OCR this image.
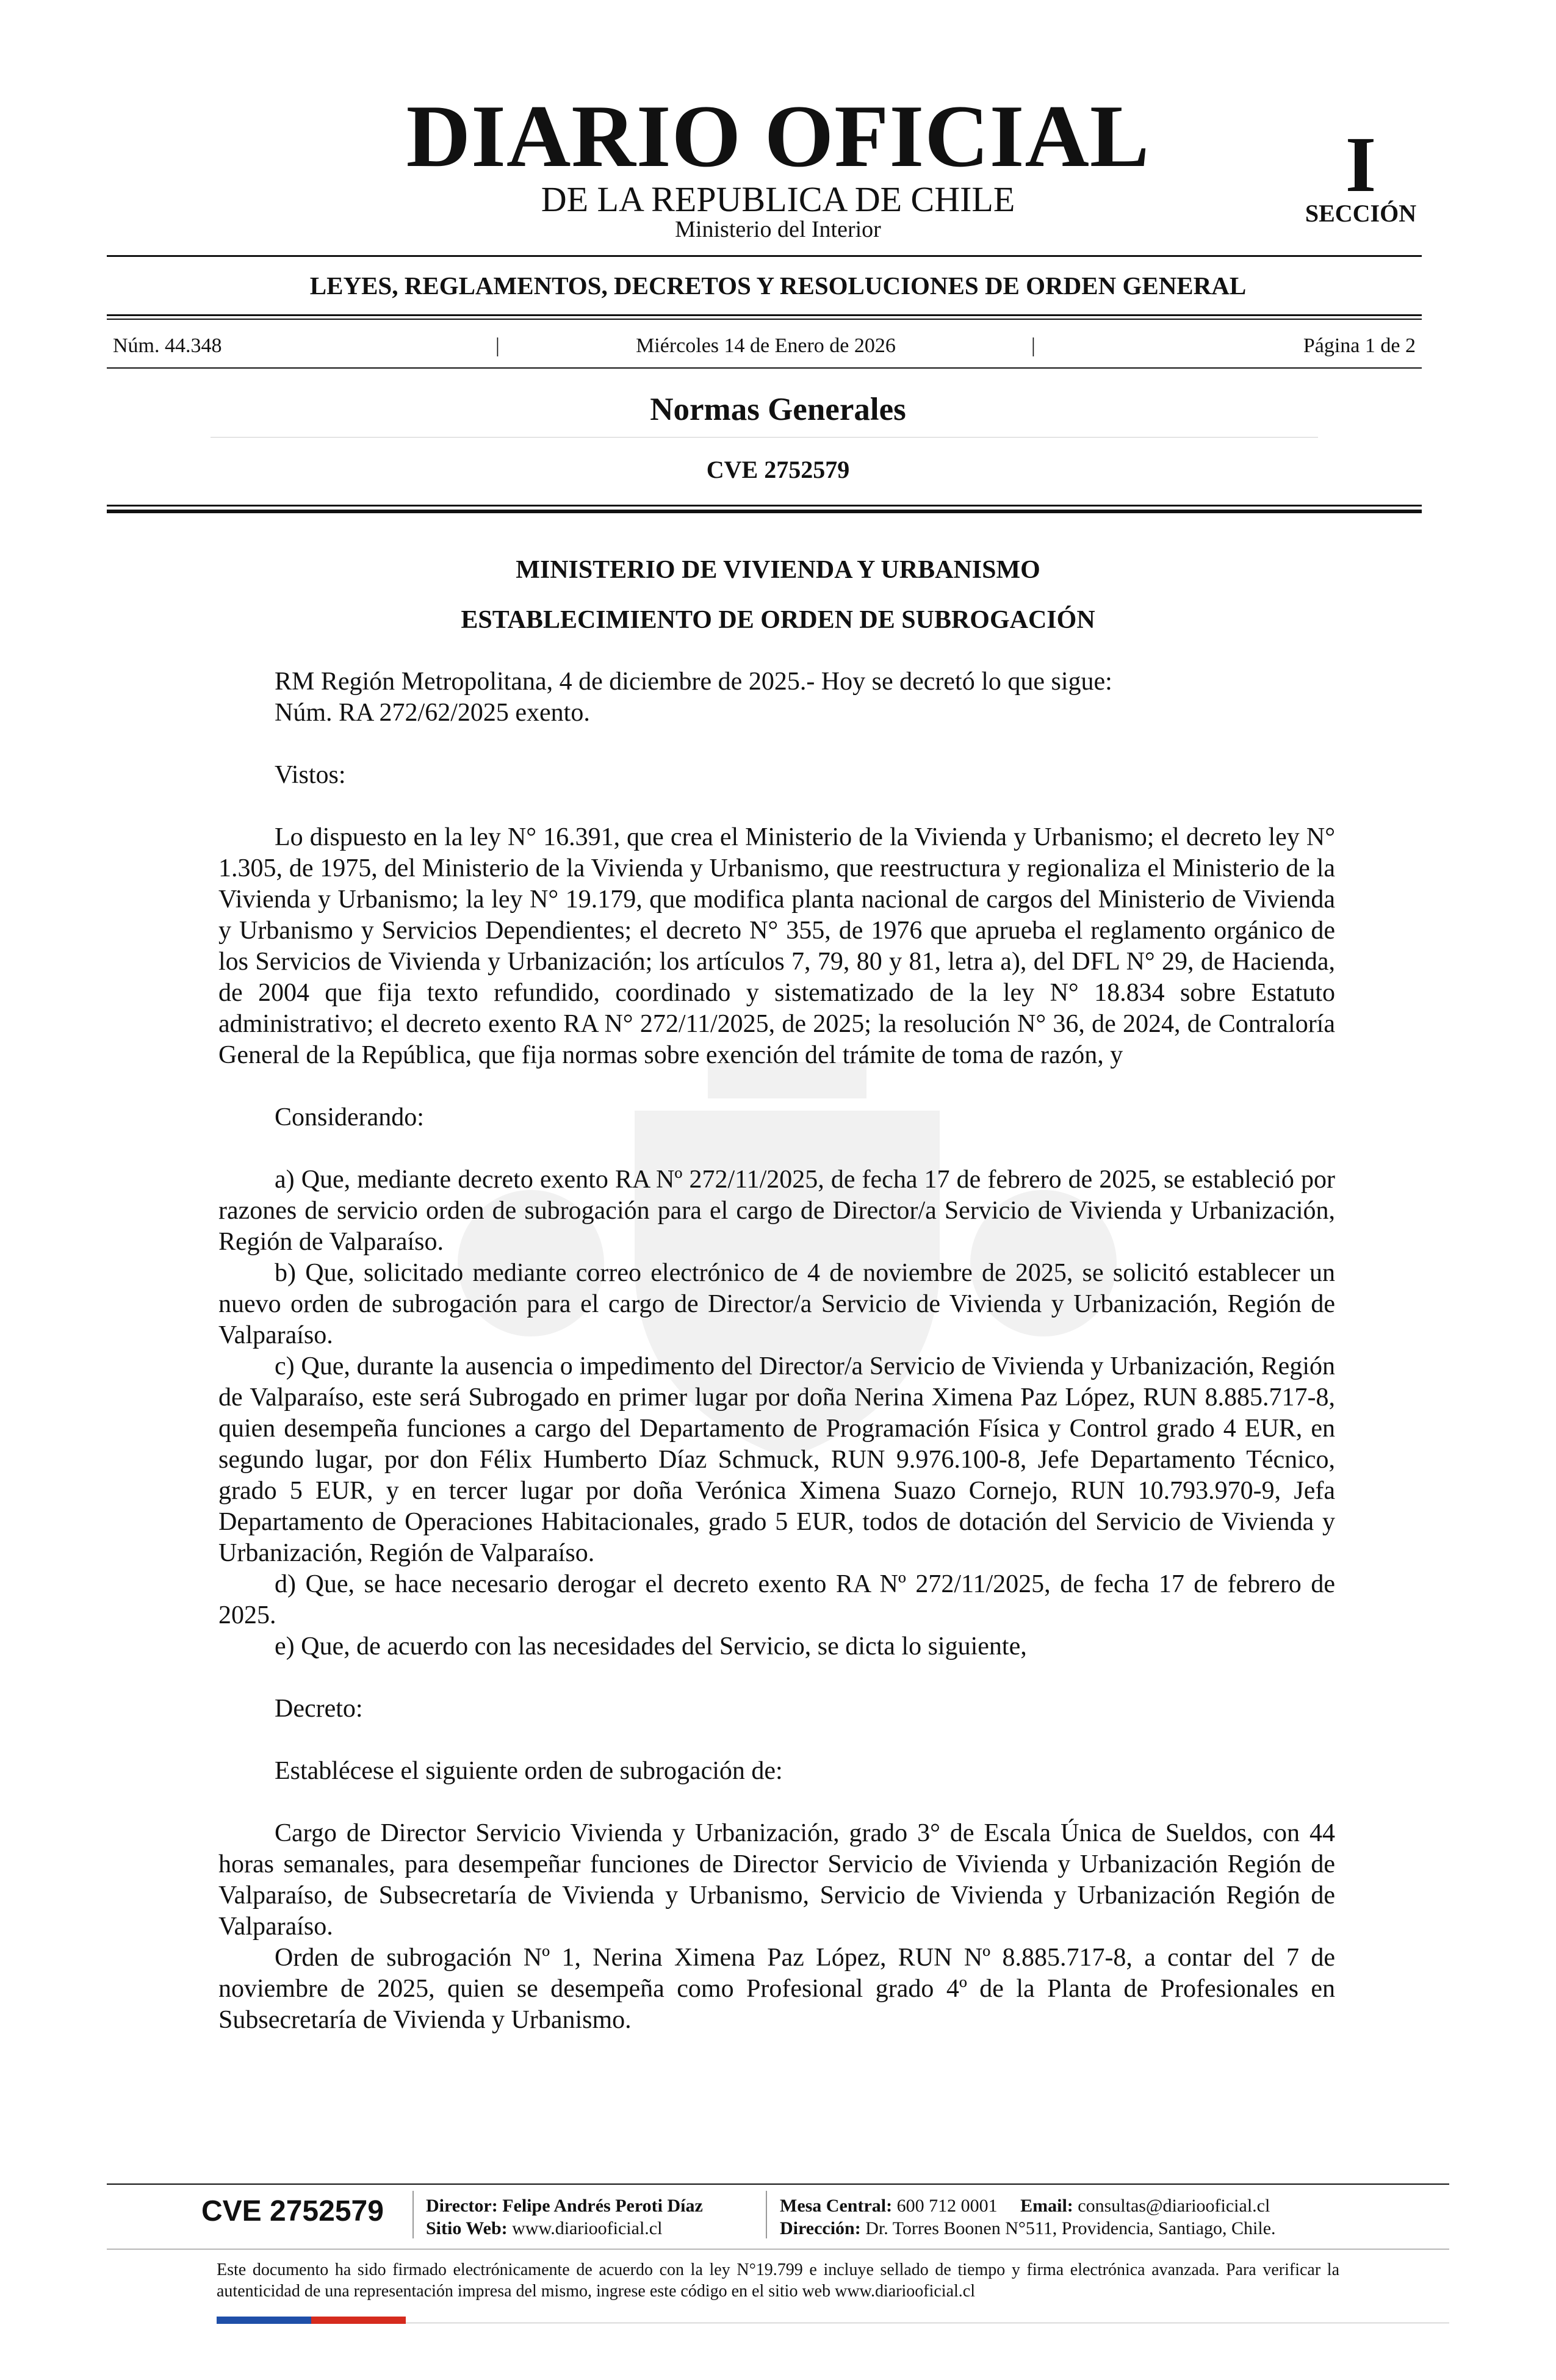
DIARIO OFICIAL
DE LA REPUBLICA DE CHILE
Ministerio del Interior
I
SECCIÓN
LEYES, REGLAMENTOS, DECRETOS Y RESOLUCIONES DE ORDEN GENERAL
Núm. 44.348	|	Miércoles 14 de Enero de 2026	|	Página 1 de 2
Normas Generales
CVE 2752579
MINISTERIO DE VIVIENDA Y URBANISMO
ESTABLECIMIENTO DE ORDEN DE SUBROGACIÓN

RM Región Metropolitana, 4 de diciembre de 2025.- Hoy se decretó lo que sigue:

Núm. RA 272/62/2025 exento.

Vistos:

Lo dispuesto en la ley N° 16.391, que crea el Ministerio de la Vivienda y Urbanismo; el decreto ley N° 1.305, de 1975, del Ministerio de la Vivienda y Urbanismo, que reestructura y regionaliza el Ministerio de la Vivienda y Urbanismo; la ley N° 19.179, que modifica planta nacional de cargos del Ministerio de Vivienda y Urbanismo y Servicios Dependientes; el decreto N° 355, de 1976 que aprueba el reglamento orgánico de los Servicios de Vivienda y Urbanización; los artículos 7, 79, 80 y 81, letra a), del DFL N° 29, de Hacienda, de 2004 que fija texto refundido, coordinado y sistematizado de la ley N° 18.834 sobre Estatuto administrativo; el decreto exento RA N° 272/11/2025, de 2025; la resolución N° 36, de 2024, de Contraloría General de la República, que fija normas sobre exención del trámite de toma de razón, y

Considerando:

a) Que, mediante decreto exento RA Nº 272/11/2025, de fecha 17 de febrero de 2025, se estableció por razones de servicio orden de subrogación para el cargo de Director/a Servicio de Vivienda y Urbanización, Región de Valparaíso.

b) Que, solicitado mediante correo electrónico de 4 de noviembre de 2025, se solicitó establecer un nuevo orden de subrogación para el cargo de Director/a Servicio de Vivienda y Urbanización, Región de Valparaíso.

c) Que, durante la ausencia o impedimento del Director/a Servicio de Vivienda y Urbanización, Región de Valparaíso, este será Subrogado en primer lugar por doña Nerina Ximena Paz López, RUN 8.885.717-8, quien desempeña funciones a cargo del Departamento de Programación Física y Control grado 4 EUR, en segundo lugar, por don Félix Humberto Díaz Schmuck, RUN 9.976.100-8, Jefe Departamento Técnico, grado 5 EUR, y en tercer lugar por doña Verónica Ximena Suazo Cornejo, RUN 10.793.970-9, Jefa Departamento de Operaciones Habitacionales, grado 5 EUR, todos de dotación del Servicio de Vivienda y Urbanización, Región de Valparaíso.

d) Que, se hace necesario derogar el decreto exento RA Nº 272/11/2025, de fecha 17 de febrero de 2025.

e) Que, de acuerdo con las necesidades del Servicio, se dicta lo siguiente,

Decreto:

Establécese el siguiente orden de subrogación de:

Cargo de Director Servicio Vivienda y Urbanización, grado 3° de Escala Única de Sueldos, con 44 horas semanales, para desempeñar funciones de Director Servicio de Vivienda y Urbanización Región de Valparaíso, de Subsecretaría de Vivienda y Urbanismo, Servicio de Vivienda y Urbanización Región de Valparaíso.

Orden de subrogación Nº 1, Nerina Ximena Paz López, RUN Nº 8.885.717-8, a contar del 7 de noviembre de 2025, quien se desempeña como Profesional grado 4º de la Planta de Profesionales en Subsecretaría de Vivienda y Urbanismo.

CVE 2752579 Director: Felipe Andrés Peroti Díaz
Sitio Web: www.diariooficial.cl
Mesa Central: 600 712 0001 Email: consultas@diariooficial.cl
Dirección: Dr. Torres Boonen N°511, Providencia, Santiago, Chile.
Este documento ha sido firmado electrónicamente de acuerdo con la ley N°19.799 e incluye sellado de tiempo y firma electrónica avanzada. Para verificar la autenticidad de una representación impresa del mismo, ingrese este código en el sitio web www.diariooficial.cl
